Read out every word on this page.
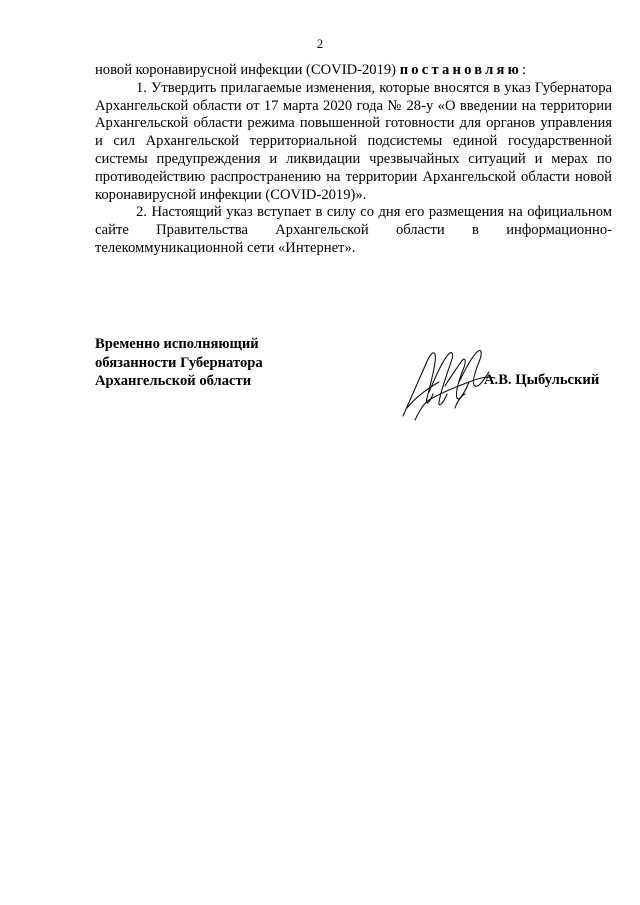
2

новой коронавирусной инфекции (COVID-2019) постановляю:

1. Утвердить прилагаемые изменения, которые вносятся в указ Губернатора Архангельской области от 17 марта 2020 года № 28-у «О введении на территории Архангельской области режима повышенной готовности для органов управления и сил Архангельской территориальной подсистемы единой государственной системы предупреждения и ликвидации чрезвычайных ситуаций и мерах по противодействию распространению на территории Архангельской области новой коронавирусной инфекции (COVID-2019)».

2. Настоящий указ вступает в силу со дня его размещения на официальном сайте Правительства Архангельской области в информационно-телекоммуникационной сети «Интернет».

Временно исполняющий
обязанности Губернатора
Архангельской области	А.В. Цыбульский
